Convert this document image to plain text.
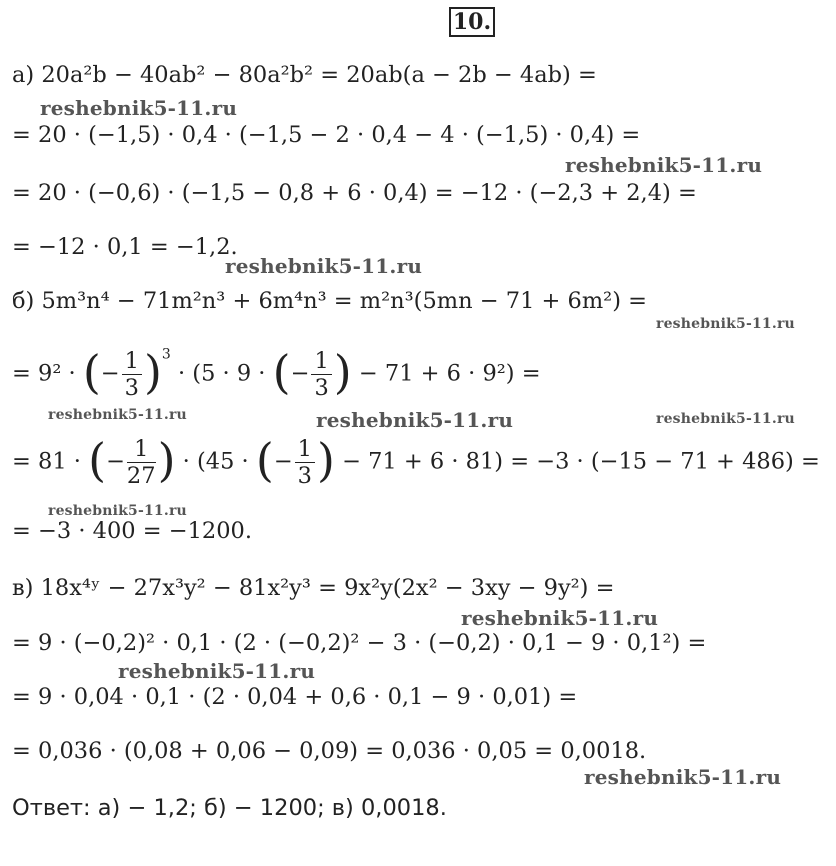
10.
а) 20a²b − 40ab² − 80a²b² = 20ab(a − 2b − 4ab) =
= 20 · (−1,5) · 0,4 · (−1,5 − 2 · 0,4 − 4 · (−1,5) · 0,4) =
= 20 · (−0,6) · (−1,5 − 0,8 + 6 · 0,4) = −12 · (−2,3 + 2,4) =
= −12 · 0,1 = −1,2.
б) 5m³n⁴ − 71m²n³ + 6m⁴n³ = m²n³(5mn − 71 + 6m²) =
= 9² · (− $\frac{1}{3} )^3 \cdot (5 \cdot 9$ · (− $\frac{1}{3}$ ) − 71 + 6 · 9²) =
= 81 · (− $\frac{1}{27}$ ) · (45 · (− $\frac{1}{3}$ ) − 71 + 6 · 81) = −3 · (−15 − 71 + 486) =
= −3 · 400 = −1200.
в) 18x⁴ʸ − 27x³y² − 81x²y³ = 9x²y(2x² − 3xy − 9y²) =
= 9 · (−0,2)² · 0,1 · (2 · (−0,2)² − 3 · (−0,2) · 0,1 − 9 · 0,1²) =
= 9 · 0,04 · 0,1 · (2 · 0,04 + 0,6 · 0,1 − 9 · 0,01) =
= 0,036 · (0,08 + 0,06 − 0,09) = 0,036 · 0,05 = 0,0018.
Ответ: а) − 1,2; б) − 1200; в) 0,0018.
reshebnik5-11.ru
reshebnik5-11.ru
reshebnik5-11.ru
reshebnik5-11.ru
reshebnik5-11.ru	reshebnik5-11.ru	reshebnik5-11.ru
reshebnik5-11.ru
reshebnik5-11.ru
reshebnik5-11.ru
reshebnik5-11.ru
